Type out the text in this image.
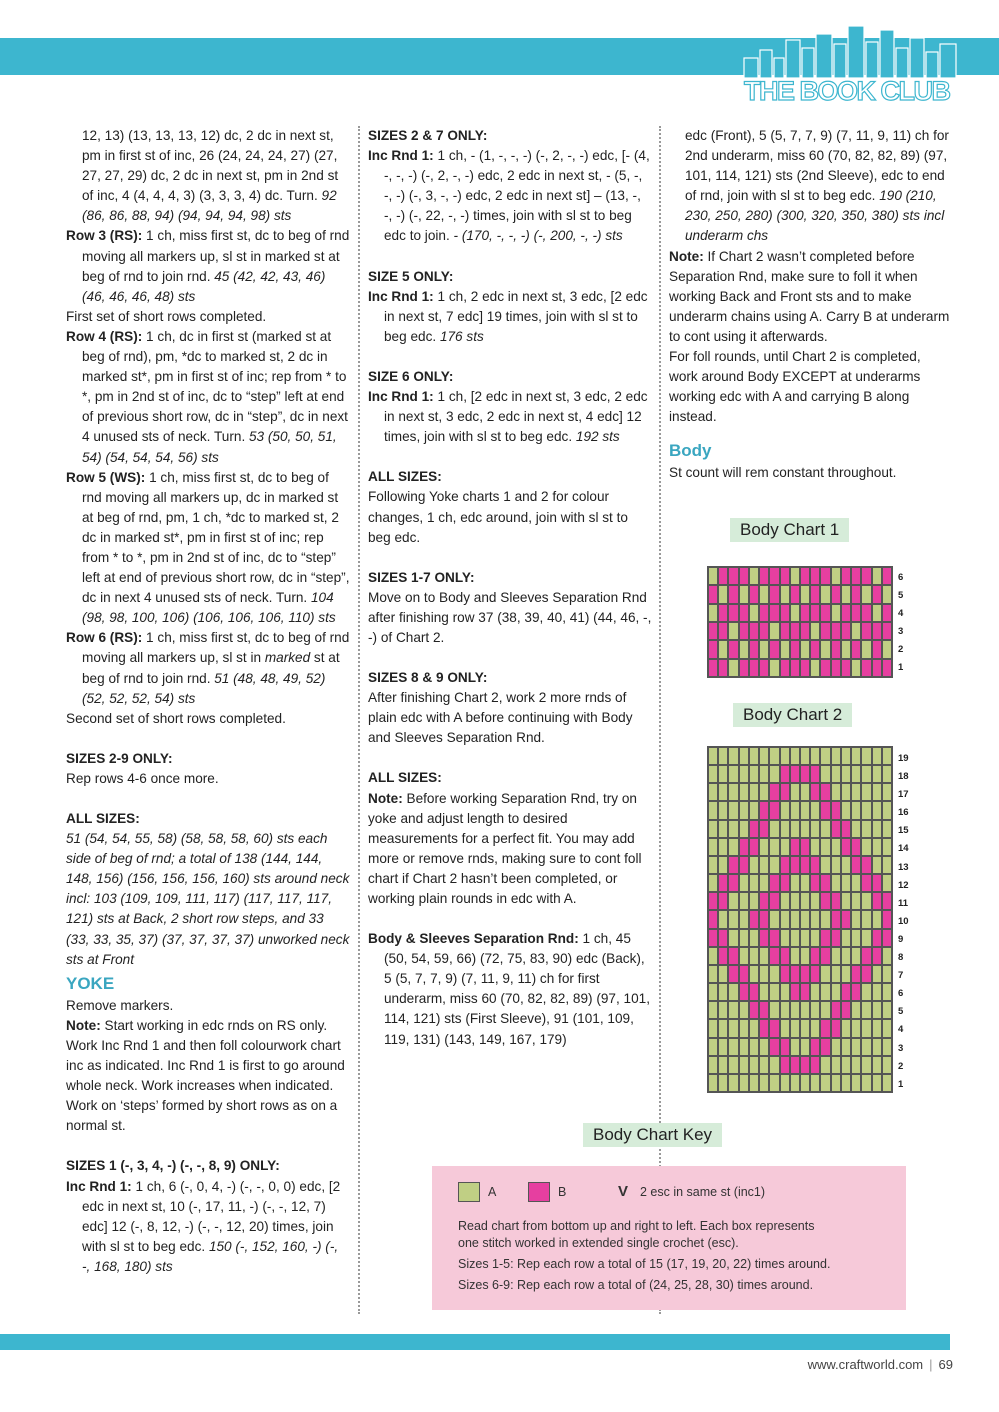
THE BOOK CLUB

12, 13) (13, 13, 13, 12) dc, 2 dc in next st, pm in first st of inc, 26 (24, 24, 24, 27) (27, 27, 27, 29) dc, 2 dc in next st, pm in 2nd st of inc, 4 (4, 4, 4, 3) (3, 3, 3, 4) dc. Turn. 92 (86, 86, 88, 94) (94, 94, 94, 98) sts

Row 3 (RS): 1 ch, miss first st, dc to beg of rnd moving all markers up, sl st in marked st at beg of rnd to join rnd. 45 (42, 42, 43, 46) (46, 46, 46, 48) sts

First set of short rows completed.

Row 4 (RS): 1 ch, dc in first st (marked st at beg of rnd), pm, *dc to marked st, 2 dc in marked st*, pm in first st of inc; rep from * to *, pm in 2nd st of inc, dc to “step” left at end of previous short row, dc in “step”, dc in next 4 unused sts of neck. Turn. 53 (50, 50, 51, 54) (54, 54, 54, 56) sts

Row 5 (WS): 1 ch, miss first st, dc to beg of rnd moving all markers up, dc in marked st at beg of rnd, pm, 1 ch, *dc to marked st, 2 dc in marked st*, pm in first st of inc; rep from * to *, pm in 2nd st of inc, dc to “step” left at end of previous short row, dc in “step”, dc in next 4 unused sts of neck. Turn. 104 (98, 98, 100, 106) (106, 106, 106, 110) sts

Row 6 (RS): 1 ch, miss first st, dc to beg of rnd moving all markers up, sl st in marked st at beg of rnd to join rnd. 51 (48, 48, 49, 52) (52, 52, 52, 54) sts

Second set of short rows completed.

SIZES 2-9 ONLY:

Rep rows 4-6 once more.

ALL SIZES:

51 (54, 54, 55, 58) (58, 58, 58, 60) sts each side of beg of rnd; a total of 138 (144, 144, 148, 156) (156, 156, 156, 160) sts around neck incl: 103 (109, 109, 111, 117) (117, 117, 117, 121) sts at Back, 2 short row steps, and 33 (33, 33, 35, 37) (37, 37, 37, 37) unworked neck sts at Front

YOKE

Remove markers.

Note: Start working in edc rnds on RS only. Work Inc Rnd 1 and then foll colourwork chart inc as indicated. Inc Rnd 1 is first to go around whole neck. Work increases when indicated. Work on ‘steps’ formed by short rows as on a normal st.

SIZES 1 (-, 3, 4, -) (-, -, 8, 9) ONLY:

Inc Rnd 1: 1 ch, 6 (-, 0, 4, -) (-, -, 0, 0) edc, [2 edc in next st, 10 (-, 17, 11, -) (-, -, 12, 7) edc] 12 (-, 8, 12, -) (-, -, 12, 20) times, join with sl st to beg edc. 150 (-, 152, 160, -) (-, -, 168, 180) sts

SIZES 2 & 7 ONLY:

Inc Rnd 1: 1 ch, - (1, -, -, -) (-, 2, -, -) edc, [- (4, -, -, -) (-, 2, -, -) edc, 2 edc in next st, - (5, -, -, -) (-, 3, -, -) edc, 2 edc in next st] – (13, -, -, -) (-, 22, -, -) times, join with sl st to beg edc to join. - (170, -, -, -) (-, 200, -, -) sts

SIZE 5 ONLY:

Inc Rnd 1: 1 ch, 2 edc in next st, 3 edc, [2 edc in next st, 7 edc] 19 times, join with sl st to beg edc. 176 sts

SIZE 6 ONLY:

Inc Rnd 1: 1 ch, [2 edc in next st, 3 edc, 2 edc in next st, 3 edc, 2 edc in next st, 4 edc] 12 times, join with sl st to beg edc. 192 sts

ALL SIZES:

Following Yoke charts 1 and 2 for colour changes, 1 ch, edc around, join with sl st to beg edc.

SIZES 1-7 ONLY:

Move on to Body and Sleeves Separation Rnd after finishing row 37 (38, 39, 40, 41) (44, 46, -, -) of Chart 2.

SIZES 8 & 9 ONLY:

After finishing Chart 2, work 2 more rnds of plain edc with A before continuing with Body and Sleeves Separation Rnd.

ALL SIZES:

Note: Before working Separation Rnd, try on yoke and adjust length to desired measurements for a perfect fit. You may add more or remove rnds, making sure to cont foll chart if Chart 2 hasn’t been completed, or working plain rounds in edc with A.

Body & Sleeves Separation Rnd: 1 ch, 45 (50, 54, 59, 66) (72, 75, 83, 90) edc (Back), 5 (5, 7, 7, 9) (7, 11, 9, 11) ch for first underarm, miss 60 (70, 82, 82, 89) (97, 101, 114, 121) sts (First Sleeve), 91 (101, 109, 119, 131) (143, 149, 167, 179)

edc (Front), 5 (5, 7, 7, 9) (7, 11, 9, 11) ch for 2nd underarm, miss 60 (70, 82, 82, 89) (97, 101, 114, 121) sts (2nd Sleeve), edc to end of rnd, join with sl st to beg edc. 190 (210, 230, 250, 280) (300, 320, 350, 380) sts incl underarm chs

Note: If Chart 2 wasn’t completed before Separation Rnd, make sure to foll it when working Back and Front sts and to make underarm chains using A. Carry B at underarm to cont using it afterwards.

For foll rounds, until Chart 2 is completed, work around Body EXCEPT at underarms working edc with A and carrying B along instead.

Body

St count will rem constant throughout.

Body Chart 1
6
5
4
3
2
1
Body Chart 2
19
18
17
16
15
14
13
12
11
10
9
8
7
6
5
4
3
2
1
Body Chart Key
A	B	V 2 esc in same st (inc1)
Read chart from bottom up and right to left. Each box represents
one stitch worked in extended single crochet (esc).
Sizes 1-5: Rep each row a total of 15 (17, 19, 20, 22) times around.
Sizes 6-9: Rep each row a total of (24, 25, 28, 30) times around.
www.craftworld.com | 69
